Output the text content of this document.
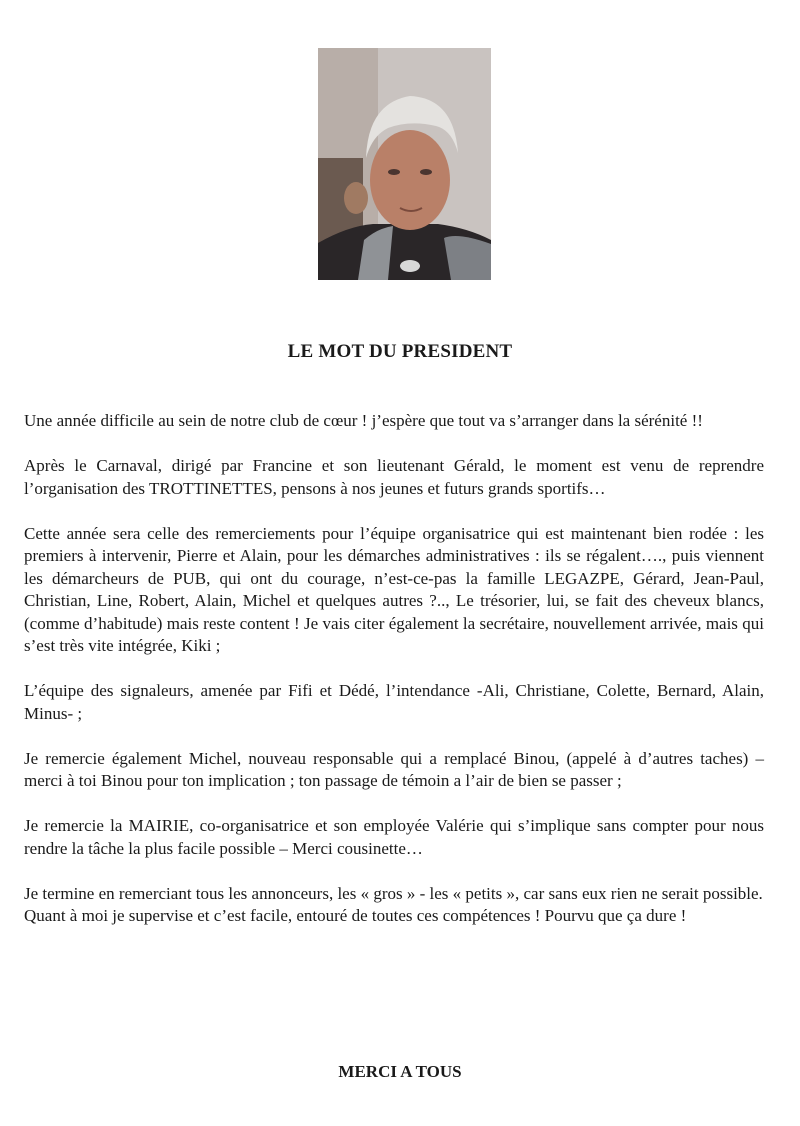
LE MOT DU PRESIDENT

Une année difficile au sein de notre club de cœur ! j’espère que tout va s’arranger dans la sérénité !!

Après le Carnaval, dirigé par Francine et son lieutenant Gérald, le moment est venu de reprendre l’organisation des TROTTINETTES, pensons à nos jeunes et futurs grands sportifs…

Cette année sera celle des remerciements pour l’équipe organisatrice qui est maintenant bien rodée : les premiers à intervenir, Pierre et Alain, pour les démarches administratives : ils se régalent…., puis viennent les démarcheurs de PUB, qui ont du courage, n’est-ce-pas la famille LEGAZPE, Gérard, Jean-Paul, Christian, Line, Robert, Alain, Michel et quelques autres ?.., Le trésorier, lui, se fait des cheveux blancs, (comme d’habitude) mais reste content ! Je vais citer également la secrétaire, nouvellement arrivée, mais qui s’est très vite intégrée, Kiki ;

L’équipe des signaleurs, amenée par Fifi et Dédé, l’intendance -Ali, Christiane, Colette, Bernard, Alain, Minus- ;

Je remercie également Michel, nouveau responsable qui a remplacé Binou, (appelé à d’autres taches) – merci à toi Binou pour ton implication ; ton passage de témoin a l’air de bien se passer ;

Je remercie la MAIRIE, co-organisatrice et son employée Valérie qui s’implique sans compter pour nous rendre la tâche la plus facile possible – Merci cousinette…

Je termine en remerciant tous les annonceurs, les « gros » - les « petits », car sans eux rien ne serait possible.

Quant à moi je supervise et c’est facile, entouré de toutes ces compétences ! Pourvu que ça dure !

MERCI A TOUS
